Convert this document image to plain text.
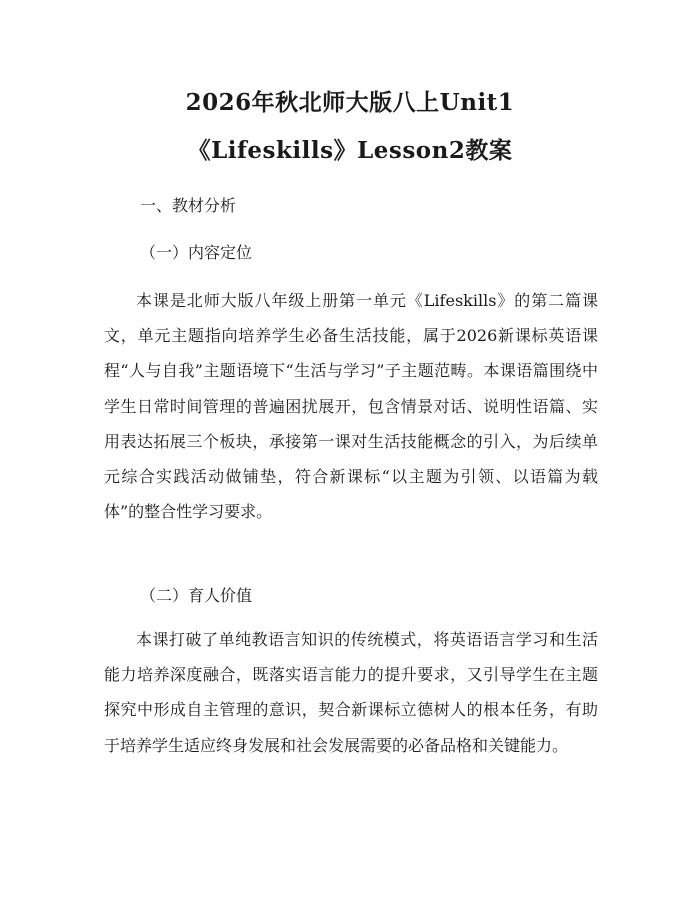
2026年秋北师大版八上Unit1
《Lifeskills》Lesson2教案
一、教材分析
（一）内容定位

本课是北师大版八年级上册第一单元《Lifeskills》的第二篇课文，单元主题指向培养学生必备生活技能，属于2026新课标英语课程“人与自我”主题语境下“生活与学习”子主题范畴。本课语篇围绕中学生日常时间管理的普遍困扰展开，包含情景对话、说明性语篇、实用表达拓展三个板块，承接第一课对生活技能概念的引入，为后续单元综合实践活动做铺垫，符合新课标“以主题为引领、以语篇为载体”的整合性学习要求。

（二）育人价值

本课打破了单纯教语言知识的传统模式，将英语语言学习和生活能力培养深度融合，既落实语言能力的提升要求，又引导学生在主题探究中形成自主管理的意识，契合新课标立德树人的根本任务，有助于培养学生适应终身发展和社会发展需要的必备品格和关键能力。
